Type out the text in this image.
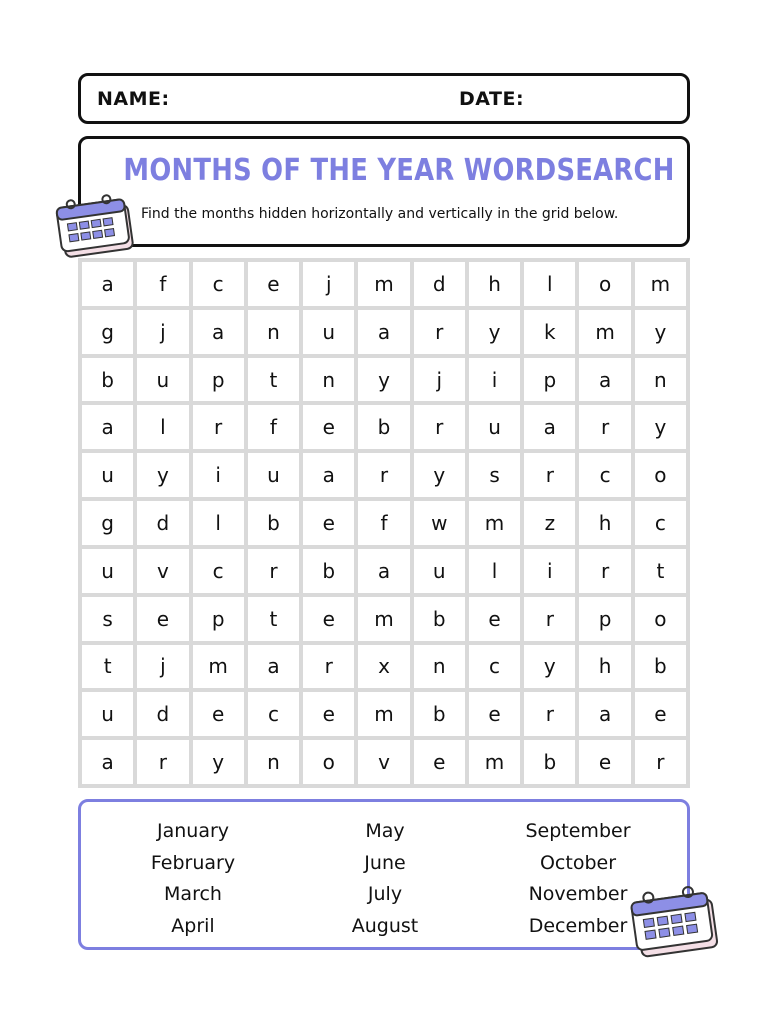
NAME:	DATE:
MONTHS OF THE YEAR WORDSEARCH
Find the months hidden horizontally and vertically in the grid below.
a	f	c	e	j	m	d	h	l	o	m
g	j	a	n	u	a	r	y	k	m	y
b	u	p	t	n	y	j	i	p	a	n
a	l	r	f	e	b	r	u	a	r	y
u	y	i	u	a	r	y	s	r	c	o
g	d	l	b	e	f	w	m	z	h	c
u	v	c	r	b	a	u	l	i	r	t
s	e	p	t	e	m	b	e	r	p	o
t	j	m	a	r	x	n	c	y	h	b
u	d	e	c	e	m	b	e	r	a	e
a	r	y	n	o	v	e	m	b	e	r
January
February
March
April
May
June
July
August
September
October
November
December
